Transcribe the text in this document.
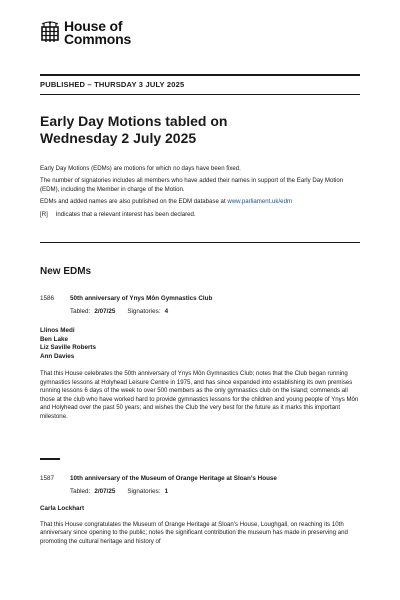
House of
Commons
PUBLISHED – THURSDAY 3 JULY 2025
Early Day Motions tabled on
Wednesday 2 July 2025

Early Day Motions (EDMs) are motions for which no days have been fixed.

The number of signatories includes all members who have added their names in support of the Early Day Motion (EDM), including the Member in charge of the Motion.

EDMs and added names are also published on the EDM database at www.parliament.uk/edm

[R] Indicates that a relevant interest has been declared.

New EDMs
1586	50th anniversary of Ynys Môn Gymnastics Club
Tabled: 2/07/25 Signatories: 4
Llinos Medi
Ben Lake
Liz Saville Roberts
Ann Davies
That this House celebrates the 50th anniversary of Ynys Môn Gymnastics Club; notes that the Club began running gymnastics lessons at Holyhead Leisure Centre in 1975, and has since expanded into establishing its own premises running lessons 6 days of the week to over 500 members as the only gymnastics club on the island; commends all those at the club who have worked hard to provide gymnastics lessons for the children and young people of Ynys Môn and Holyhead over the past 50 years; and wishes the Club the very best for the future as it marks this important milestone.
1587	10th anniversary of the Museum of Orange Heritage at Sloan’s House
Tabled: 2/07/25 Signatories: 1
Carla Lockhart
That this House congratulates the Museum of Orange Heritage at Sloan’s House, Loughgall, on reaching its 10th anniversary since opening to the public; notes the significant contribution the museum has made in preserving and promoting the cultural heritage and history of
